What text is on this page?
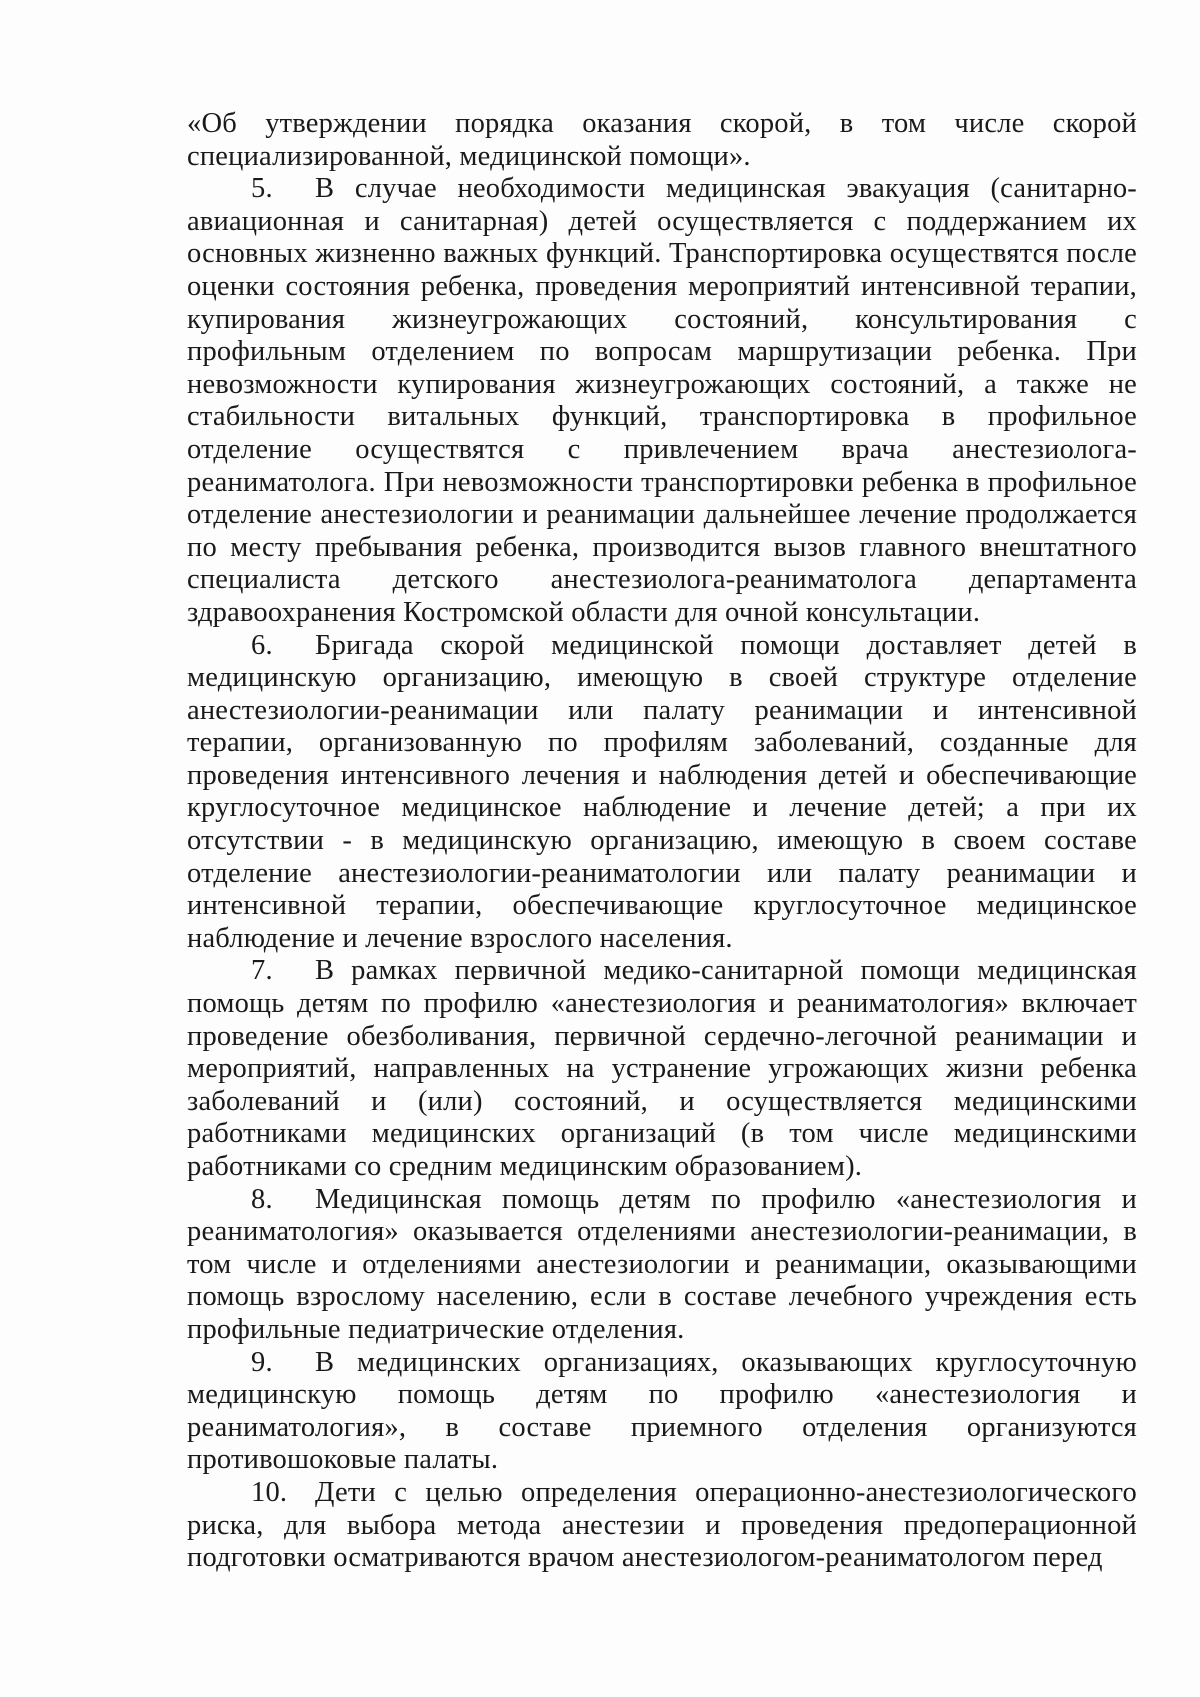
«Об утверждении порядка оказания скорой, в том числе скорой специализированной, медицинской помощи».

5. В случае необходимости медицинская эвакуация (санитарно-авиационная и санитарная) детей осуществляется с поддержанием их основных жизненно важных функций. Транспортировка осуществятся после оценки состояния ребенка, проведения мероприятий интенсивной терапии, купирования жизнеугрожающих состояний, консультирования с профильным отделением по вопросам маршрутизации ребенка. При невозможности купирования жизнеугрожающих состояний, а также не стабильности витальных функций, транспортировка в профильное отделение осуществятся с привлечением врача анестезиолога-реаниматолога. При невозможности транспортировки ребенка в профильное отделение анестезиологии и реанимации дальнейшее лечение продолжается по месту пребывания ребенка, производится вызов главного внештатного специалиста детского анестезиолога-реаниматолога департамента здравоохранения Костромской области для очной консультации.

6. Бригада скорой медицинской помощи доставляет детей в медицинскую организацию, имеющую в своей структуре отделение анестезиологии-реанимации или палату реанимации и интенсивной терапии, организованную по профилям заболеваний, созданные для проведения интенсивного лечения и наблюдения детей и обеспечивающие круглосуточное медицинское наблюдение и лечение детей; а при их отсутствии - в медицинскую организацию, имеющую в своем составе отделение анестезиологии-реаниматологии или палату реанимации и интенсивной терапии, обеспечивающие круглосуточное медицинское наблюдение и лечение взрослого населения.

7. В рамках первичной медико-санитарной помощи медицинская помощь детям по профилю «анестезиология и реаниматология» включает проведение обезболивания, первичной сердечно-легочной реанимации и мероприятий, направленных на устранение угрожающих жизни ребенка заболеваний и (или) состояний, и осуществляется медицинскими работниками медицинских организаций (в том числе медицинскими работниками со средним медицинским образованием).

8. Медицинская помощь детям по профилю «анестезиология и реаниматология» оказывается отделениями анестезиологии-реанимации, в том числе и отделениями анестезиологии и реанимации, оказывающими помощь взрослому населению, если в составе лечебного учреждения есть профильные педиатрические отделения.

9. В медицинских организациях, оказывающих круглосуточную медицинскую помощь детям по профилю «анестезиология и реаниматология», в составе приемного отделения организуются противошоковые палаты.

10. Дети с целью определения операционно-анестезиологического риска, для выбора метода анестезии и проведения предоперационной подготовки осматриваются врачом анестезиологом-реаниматологом перед
